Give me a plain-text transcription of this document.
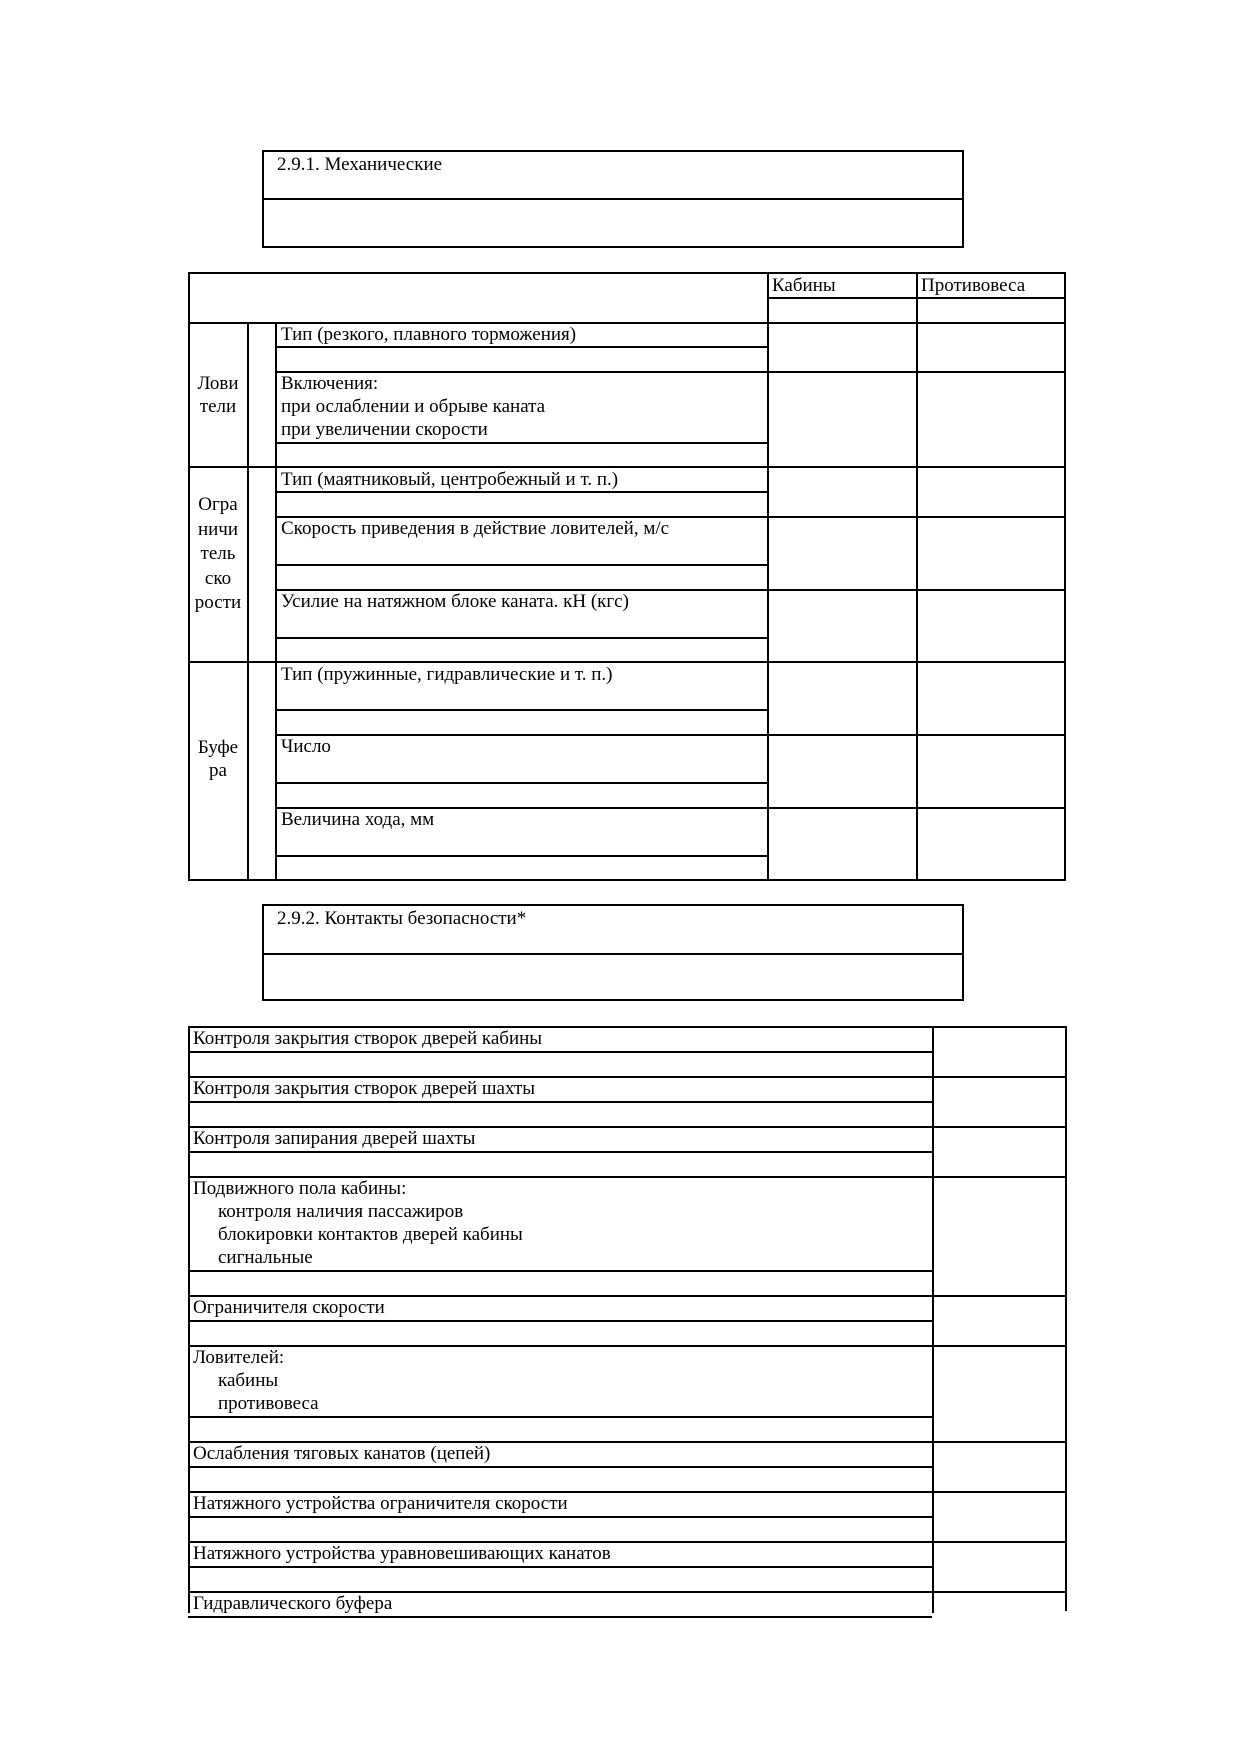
2.9.1. Механические
Кабины	Противовеса
Лови
тели
Огра
ничи
тель
ско
рости
Буфе
ра
Тип (резкого, плавного торможения)
Включения:
при ослаблении и обрыве каната
при увеличении скорости
Тип (маятниковый, центробежный и т. п.)
Скорость приведения в действие ловителей, м/с
Усилие на натяжном блоке каната. кН (кгс)
Тип (пружинные, гидравлические и т. п.)
Число
Величина хода, мм
2.9.2. Контакты безопасности*
Контроля закрытия створок дверей кабины
Контроля закрытия створок дверей шахты
Контроля запирания дверей шахты
Подвижного пола кабины:
контроля наличия пассажиров
блокировки контактов дверей кабины
сигнальные
Ограничителя скорости
Ловителей:
кабины
противовеса
Ослабления тяговых канатов (цепей)
Натяжного устройства ограничителя скорости
Натяжного устройства уравновешивающих канатов
Гидравлического буфера
